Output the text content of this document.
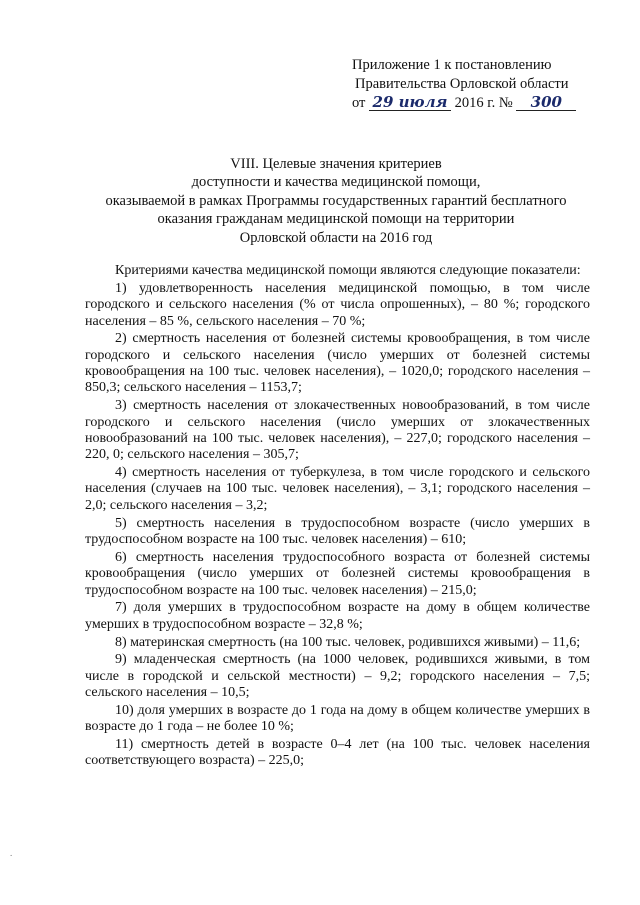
Приложение 1 к постановлению
Правительства Орловской области
от 29 июля 2016 г. № 300
VIII. Целевые значения критериев
доступности и качества медицинской помощи,
оказываемой в рамках Программы государственных гарантий бесплатного
оказания гражданам медицинской помощи на территории
Орловской области на 2016 год

Критериями качества медицинской помощи являются следующие показатели:

1) удовлетворенность населения медицинской помощью, в том числе городского и сельского населения (% от числа опрошенных), – 80 %; городского населения – 85 %, сельского населения – 70 %;

2) смертность населения от болезней системы кровообращения, в том числе городского и сельского населения (число умерших от болезней системы кровообращения на 100 тыс. человек населения), – 1020,0; городского населения – 850,3; сельского населения – 1153,7;

3) смертность населения от злокачественных новообразований, в том числе городского и сельского населения (число умерших от злокачественных новообразований на 100 тыс. человек населения), – 227,0; городского населения – 220, 0; сельского населения – 305,7;

4) смертность населения от туберкулеза, в том числе городского и сельского населения (случаев на 100 тыс. человек населения), – 3,1; городского населения – 2,0; сельского населения – 3,2;

5) смертность населения в трудоспособном возрасте (число умерших в трудоспособном возрасте на 100 тыс. человек населения) – 610;

6) смертность населения трудоспособного возраста от болезней системы кровообращения (число умерших от болезней системы кровообращения в трудоспособном возрасте на 100 тыс. человек населения) – 215,0;

7) доля умерших в трудоспособном возрасте на дому в общем количестве умерших в трудоспособном возрасте – 32,8 %;

8) материнская смертность (на 100 тыс. человек, родившихся живыми) – 11,6;

9) младенческая смертность (на 1000 человек, родившихся живыми, в том числе в городской и сельской местности) – 9,2; городского населения – 7,5; сельского населения – 10,5;

10) доля умерших в возрасте до 1 года на дому в общем количестве умерших в возрасте до 1 года – не более 10 %;

11) смертность детей в возрасте 0–4 лет (на 100 тыс. человек населения соответствующего возраста) – 225,0;

.
